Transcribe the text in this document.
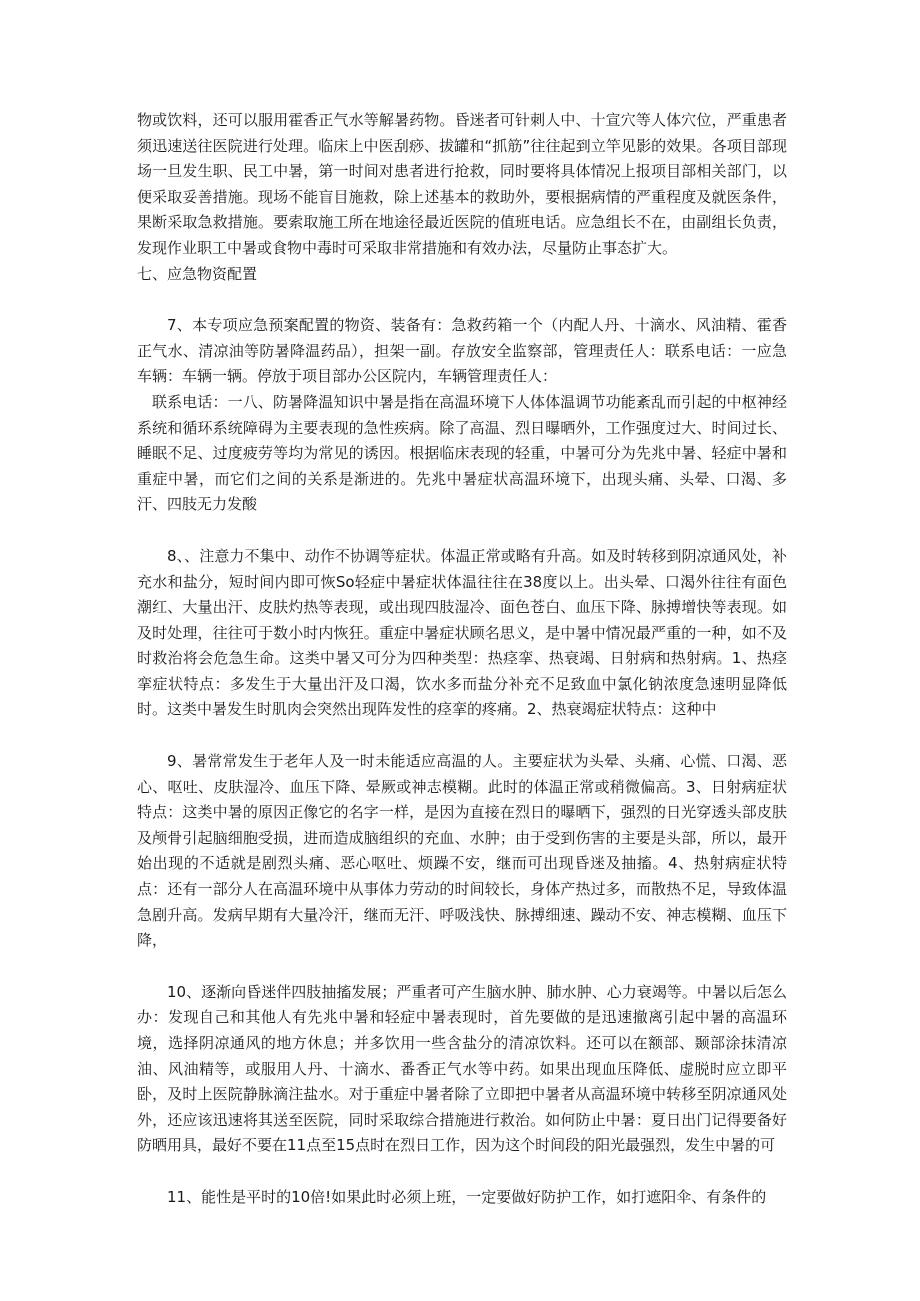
物或饮料，还可以服用霍香正气水等解暑药物。昏迷者可针刺人中、十宣穴等人体穴位，严重患者须迅速送往医院进行处理。临床上中医刮痧、拔罐和“抓筋”往往起到立竿见影的效果。各项目部现场一旦发生职、民工中暑，第一时间对患者进行抢救，同时要将具体情况上报项目部相关部门，以便采取妥善措施。现场不能盲目施救，除上述基本的救助外，要根据病情的严重程度及就医条件，果断采取急救措施。要索取施工所在地途径最近医院的值班电话。应急组长不在，由副组长负责，发现作业职工中暑或食物中毒时可采取非常措施和有效办法，尽量防止事态扩大。

七、应急物资配置

7、本专项应急预案配置的物资、装备有：急救药箱一个（内配人丹、十滴水、风油精、霍香正气水、清凉油等防暑降温药品），担架一副。存放安全监察部，管理责任人：联系电话：一应急车辆：车辆一辆。停放于项目部办公区院内，车辆管理责任人：

联系电话：一八、防暑降温知识中暑是指在高温环境下人体体温调节功能紊乱而引起的中枢神经系统和循环系统障碍为主要表现的急性疾病。除了高温、烈日曝晒外，工作强度过大、时间过长、睡眠不足、过度疲劳等均为常见的诱因。根据临床表现的轻重，中暑可分为先兆中暑、轻症中暑和重症中暑，而它们之间的关系是渐进的。先兆中暑症状高温环境下，出现头痛、头晕、口渴、多汗、四肢无力发酸

8、、注意力不集中、动作不协调等症状。体温正常或略有升高。如及时转移到阴凉通风处，补充水和盐分，短时间内即可恢So轻症中暑症状体温往往在38度以上。出头晕、口渴外往往有面色潮红、大量出汗、皮肤灼热等表现，或出现四肢湿冷、面色苍白、血压下降、脉搏增快等表现。如及时处理，往往可于数小时内恢狂。重症中暑症状顾名思义，是中暑中情况最严重的一种，如不及时救治将会危急生命。这类中暑又可分为四种类型：热痉挛、热衰竭、日射病和热射病。1、热痉挛症状特点：多发生于大量出汗及口渴，饮水多而盐分补充不足致血中氯化钠浓度急速明显降低时。这类中暑发生时肌肉会突然出现阵发性的痉挛的疼痛。2、热衰竭症状特点：这种中

9、暑常常发生于老年人及一时未能适应高温的人。主要症状为头晕、头痛、心慌、口渴、恶心、呕吐、皮肤湿冷、血压下降、晕厥或神志模糊。此时的体温正常或稍微偏高。3、日射病症状特点：这类中暑的原因正像它的名字一样，是因为直接在烈日的曝晒下，强烈的日光穿透头部皮肤及颅骨引起脑细胞受损，进而造成脑组织的充血、水肿；由于受到伤害的主要是头部，所以，最开始出现的不适就是剧烈头痛、恶心呕吐、烦躁不安，继而可出现昏迷及抽搐。4、热射病症状特点：还有一部分人在高温环境中从事体力劳动的时间较长，身体产热过多，而散热不足，导致体温急剧升高。发病早期有大量冷汗，继而无汗、呼吸浅快、脉搏细速、躁动不安、神志模糊、血压下降，

10、逐渐向昏迷伴四肢抽搐发展；严重者可产生脑水肿、肺水肿、心力衰竭等。中暑以后怎么办：发现自己和其他人有先兆中暑和轻症中暑表现时，首先要做的是迅速撤离引起中暑的高温环境，选择阴凉通风的地方休息；并多饮用一些含盐分的清凉饮料。还可以在额部、颞部涂抹清凉油、风油精等，或服用人丹、十滴水、番香正气水等中药。如果出现血压降低、虚脱时应立即平卧，及时上医院静脉滴注盐水。对于重症中暑者除了立即把中暑者从高温环境中转移至阴凉通风处外，还应该迅速将其送至医院，同时采取综合措施进行救治。如何防止中暑：夏日出门记得要备好防晒用具，最好不要在11点至15点时在烈日工作，因为这个时间段的阳光最强烈，发生中暑的可

11、能性是平时的10倍!如果此时必须上班，一定要做好防护工作，如打遮阳伞、有条件的
